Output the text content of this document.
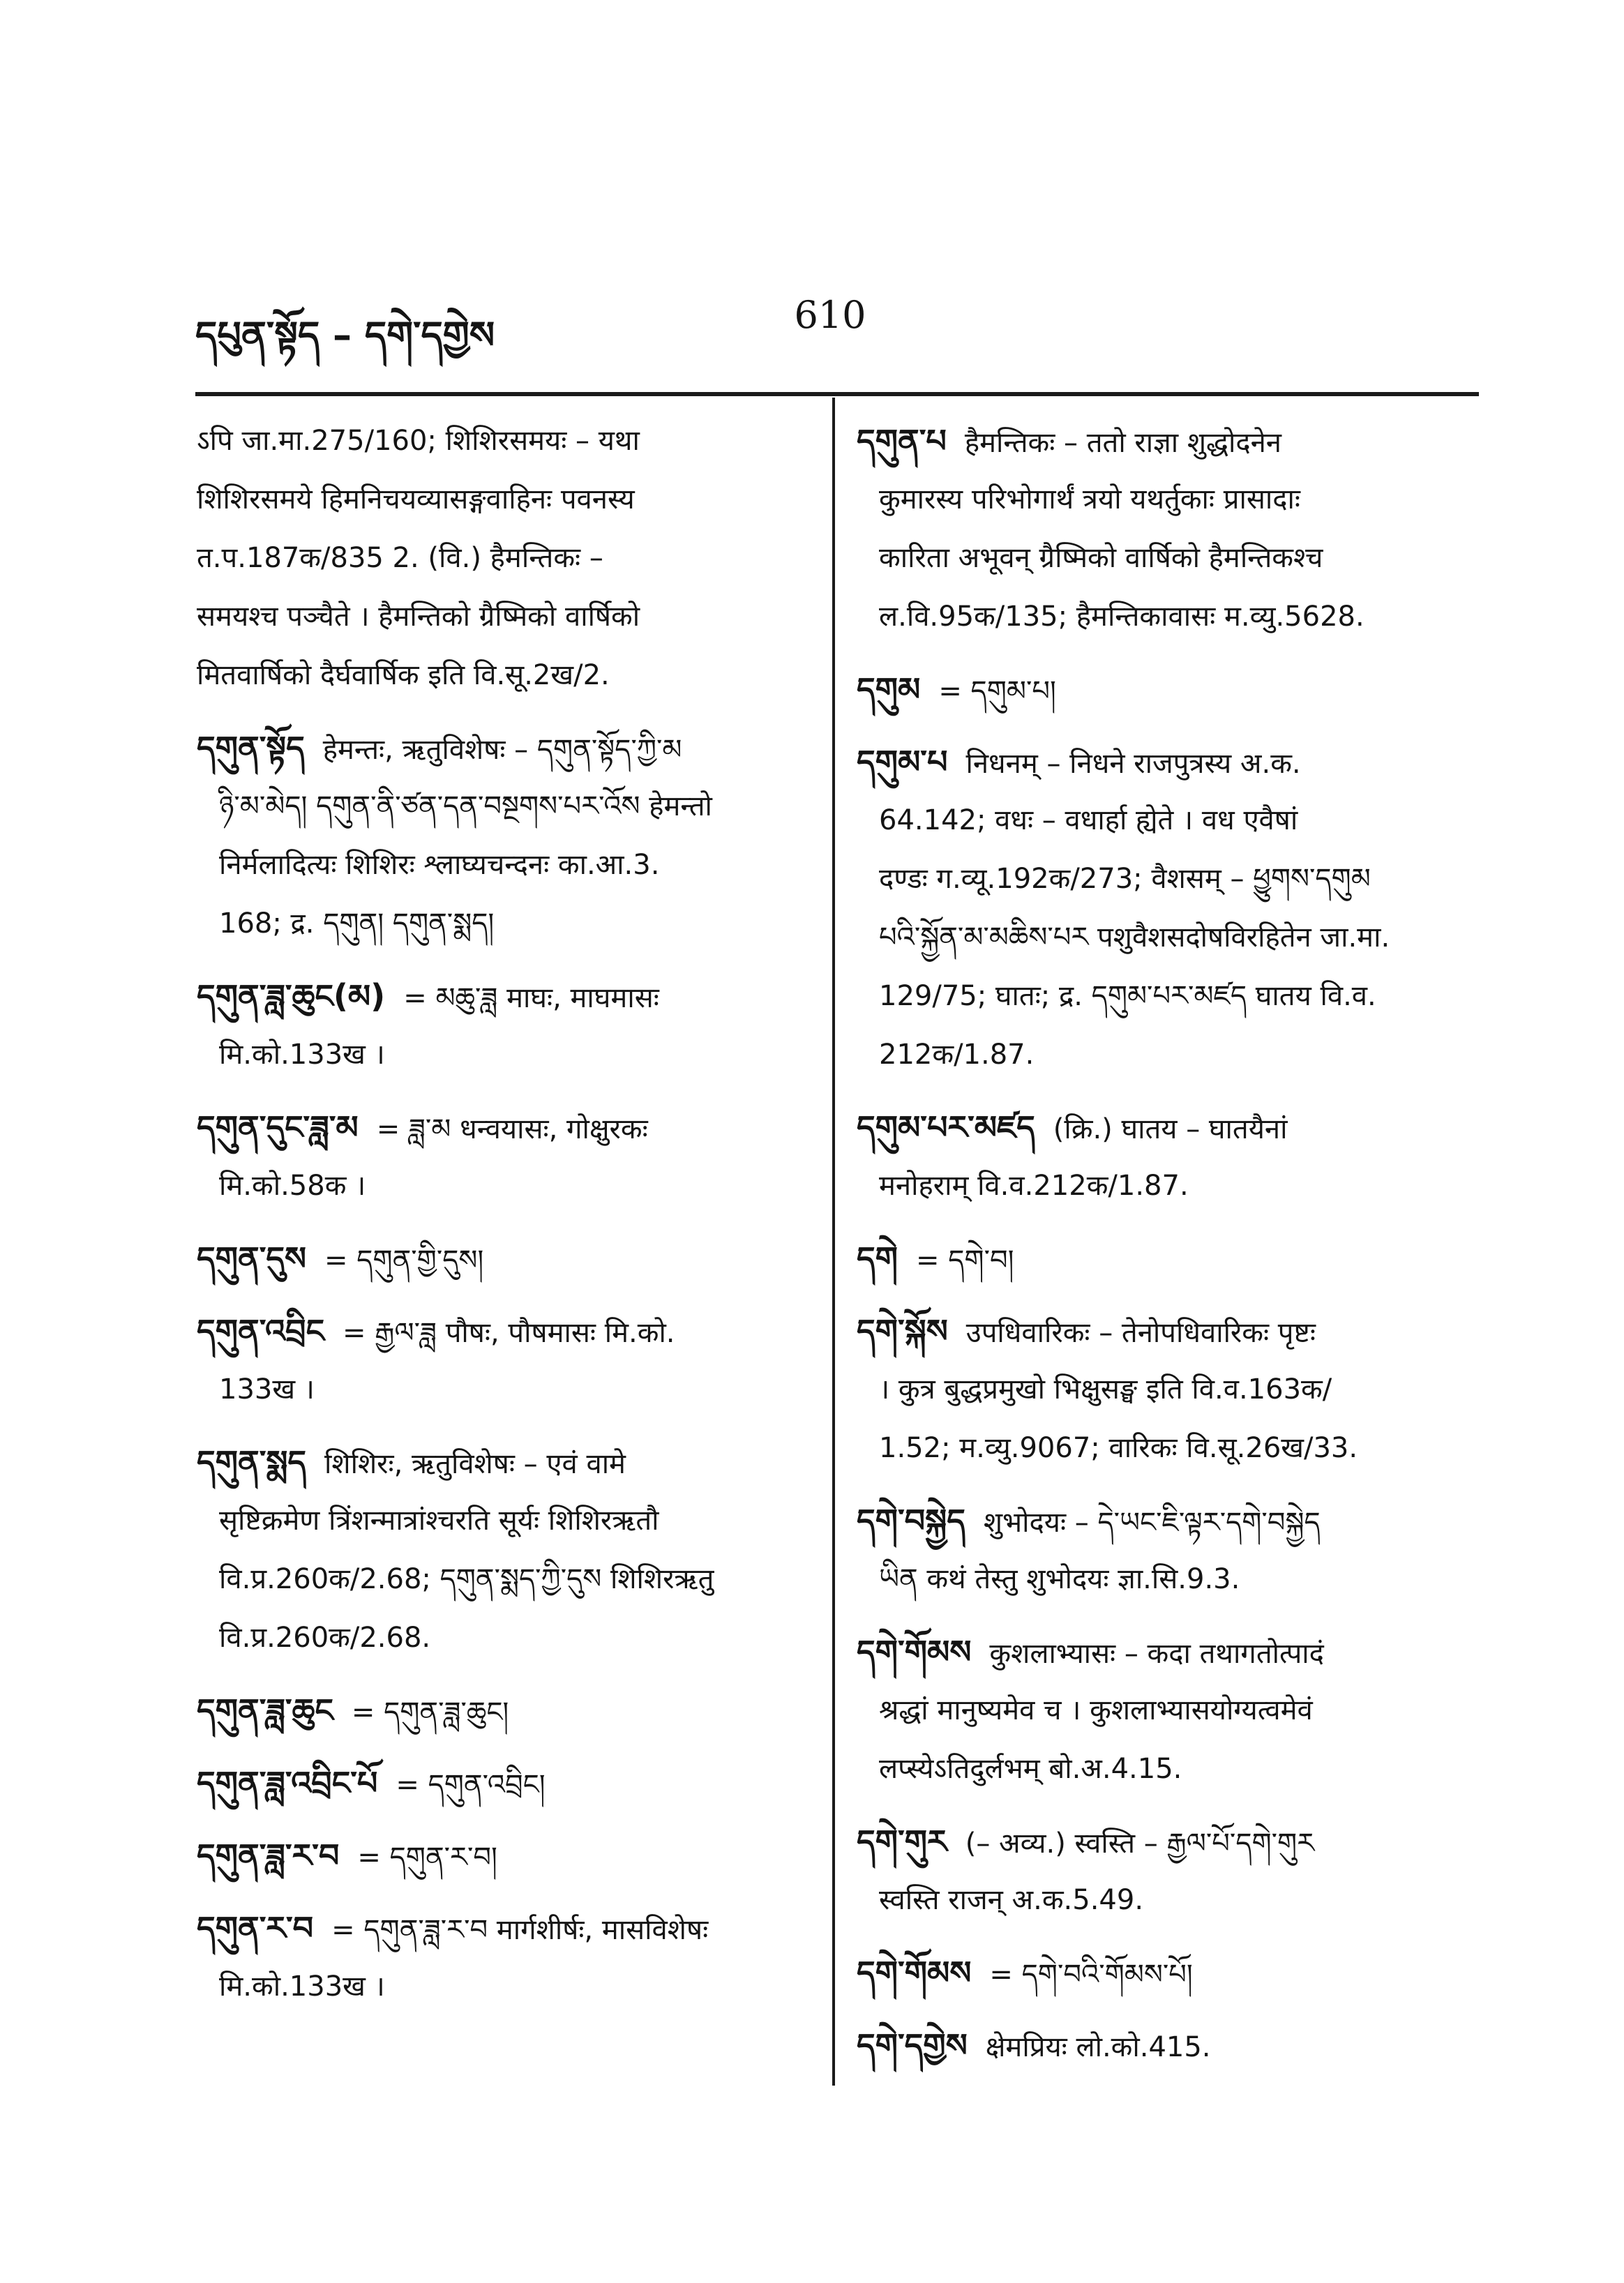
དཔུན་སྟོད – དགེ་དགྱེས	610
ऽपि जा.मा.275/160; शिशिरसमयः – यथा
शिशिरसमये हिमनिचयव्यासङ्गवाहिनः पवनस्य
त.प.187क/835 2. (वि.) हैमन्तिकः –
समयश्च पञ्चैते । हैमन्तिको ग्रैष्मिको वार्षिको
मितवार्षिको दैर्घवार्षिक इति वि.सू.2ख/2.
དགུན་སྟོད हेमन्तः, ऋतुविशेषः – དགུན་སྟོད་ཀྱི་མ
ཉི་མ་མེད། དགུན་ནི་ཙན་དན་བསྔགས་པར་འོས हेमन्तो
निर्मलादित्यः शिशिरः श्लाघ्यचन्दनः का.आ.3.
168; द्र. དགུན། དགུན་སྨད།
དགུན་ཟླ་ཆུང(མ) = མཆུ་ཟླ माघः, माघमासः
मि.को.133ख ।
དགུན་དུང་ཟླ་མ = ཟླ་མ धन्वयासः, गोक्षुरकः
मि.को.58क ।
དགུན་དུས = དགུན་གྱི་དུས།
དགུན་འབྲིང = རྒྱལ་ཟླ पौषः, पौषमासः मि.को.
133ख ।
དགུན་སྨད शिशिरः, ऋतुविशेषः – एवं वामे
सृष्टिक्रमेण त्रिंशन्मात्रांश्चरति सूर्यः शिशिरऋतौ
वि.प्र.260क/2.68; དགུན་སྨད་ཀྱི་དུས शिशिरऋतु
वि.प्र.260क/2.68.
དགུན་ཟླ་ཆུང = དགུན་ཟླ་ཆུང།
དགུན་ཟླ་འབྲིང་པོ = དགུན་འབྲིང།
དགུན་ཟླ་ར་བ = དགུན་ར་བ།
དགུན་ར་བ = དགུན་ཟླ་ར་བ मार्गशीर्षः, मासविशेषः
मि.को.133ख ।
དགུན་པ हैमन्तिकः – ततो राज्ञा शुद्धोदनेन
कुमारस्य परिभोगार्थं त्रयो यथर्तुकाः प्रासादाः
कारिता अभूवन् ग्रैष्मिको वार्षिको हैमन्तिकश्च
ल.वि.95क/135; हैमन्तिकावासः म.व्यु.5628.
དགུམ = དགུམ་པ།
དགུམ་པ निधनम् – निधने राजपुत्रस्य अ.क.
64.142; वधः – वधार्हा ह्येते । वध एवैषां
दण्डः ग.व्यू.192क/273; वैशसम् – ཕྱུགས་དགུམ
པའི་སྐྱོན་མ་མཆིས་པར पशुवैशसदोषविरहितेन जा.मा.
129/75; घातः; द्र. དགུམ་པར་མཛད घातय वि.व.
212क/1.87.
དགུམ་པར་མཛད (क्रि.) घातय – घातयैनां
मनोहराम् वि.व.212क/1.87.
དགེ = དགེ་བ།
དགེ་སྐོས उपधिवारिकः – तेनोपधिवारिकः पृष्टः
। कुत्र बुद्धप्रमुखो भिक्षुसङ्घ इति वि.व.163क/
1.52; म.व्यु.9067; वारिकः वि.सू.26ख/33.
དགེ་བསྐྱེད शुभोदयः – དེ་ཡང་ཇི་ལྟར་དགེ་བསྐྱེད
ཡིན कथं तेस्तु शुभोदयः ज्ञा.सि.9.3.
དགེ་གོམས कुशलाभ्यासः – कदा तथागतोत्पादं
श्रद्धां मानुष्यमेव च । कुशलाभ्यासयोग्यत्वमेवं
लप्स्येऽतिदुर्लभम् बो.अ.4.15.
དགེ་གུར (– अव्य.) स्वस्ति – རྒྱལ་པོ་དགེ་གུར
स्वस्ति राजन् अ.क.5.49.
དགེ་གོམས = དགེ་བའི་གོམས་པོ།
དགེ་དགྱེས क्षेमप्रियः लो.को.415.
